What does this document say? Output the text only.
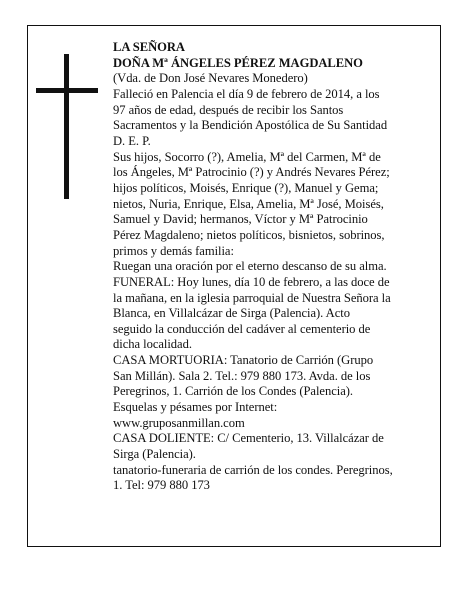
LA SEÑORA

DOÑA Mª ÁNGELES PÉREZ MAGDALENO

(Vda. de Don José Nevares Monedero)

Falleció en Palencia el día 9 de febrero de 2014, a los
97 años de edad, después de recibir los Santos
Sacramentos y la Bendición Apostólica de Su Santidad

D. E. P.

Sus hijos, Socorro (?), Amelia, Mª del Carmen, Mª de
los Ángeles, Mª Patrocinio (?) y Andrés Nevares Pérez;
hijos políticos, Moisés, Enrique (?), Manuel y Gema;
nietos, Nuria, Enrique, Elsa, Amelia, Mª José, Moisés,
Samuel y David; hermanos, Víctor y Mª Patrocinio
Pérez Magdaleno; nietos políticos, bisnietos, sobrinos,
primos y demás familia:

Ruegan una oración por el eterno descanso de su alma.

FUNERAL: Hoy lunes, día 10 de febrero, a las doce de
la mañana, en la iglesia parroquial de Nuestra Señora la
Blanca, en Villalcázar de Sirga (Palencia). Acto
seguido la conducción del cadáver al cementerio de
dicha localidad.

CASA MORTUORIA: Tanatorio de Carrión (Grupo
San Millán). Sala 2. Tel.: 979 880 173. Avda. de los
Peregrinos, 1. Carrión de los Condes (Palencia).

Esquelas y pésames por Internet:
www.gruposanmillan.com

CASA DOLIENTE: C/ Cementerio, 13. Villalcázar de
Sirga (Palencia).

tanatorio-funeraria de carrión de los condes. Peregrinos,
1. Tel: 979 880 173
